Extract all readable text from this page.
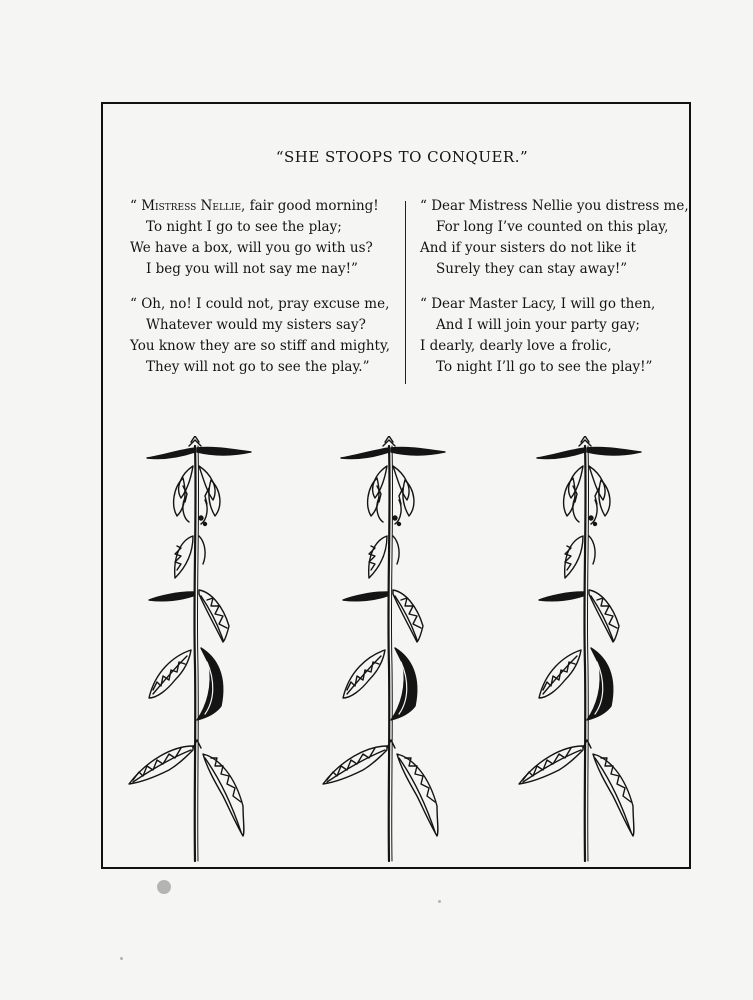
“SHE STOOPS TO CONQUER.”
“ Mistress Nellie, fair good morning!
To night I go to see the play;
We have a box, will you go with us?
I beg you will not say me nay!”
“ Oh, no! I could not, pray excuse me,
Whatever would my sisters say?
You know they are so stiff and mighty,
They will not go to see the play.”
“ Dear Mistress Nellie you distress me,
For long I’ve counted on this play,
And if your sisters do not like it
Surely they can stay away!”
“ Dear Master Lacy, I will go then,
And I will join your party gay;
I dearly, dearly love a frolic,
To night I’ll go to see the play!”
